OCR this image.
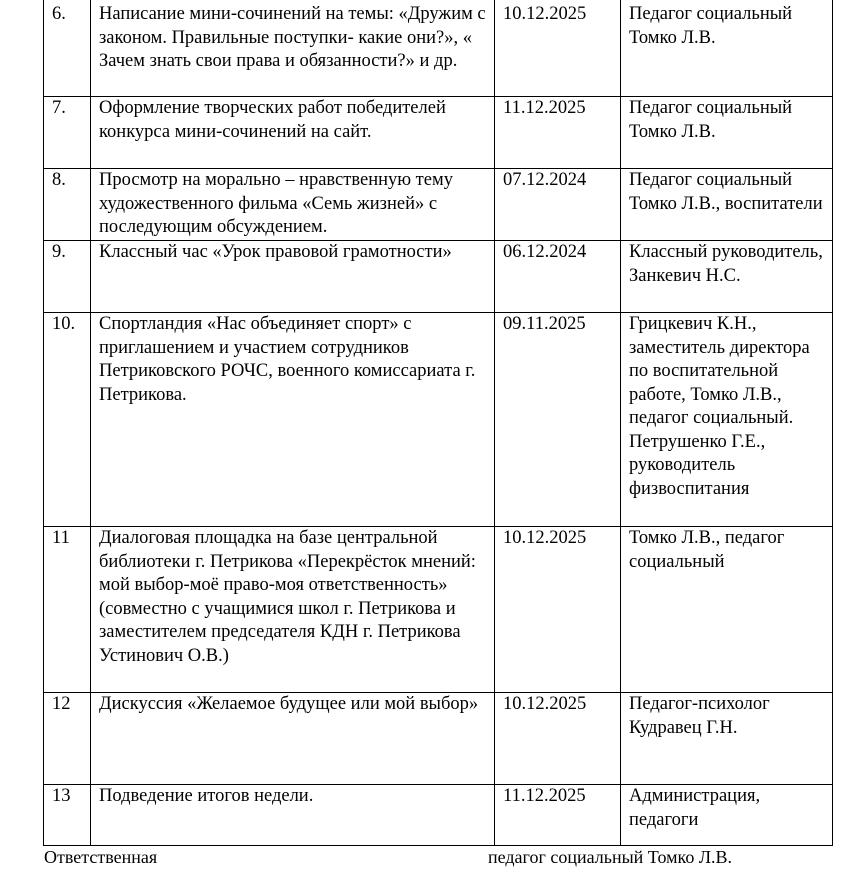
6.	Написание мини-сочинений на темы: «Дружим с законом. Правильные поступки- какие они?», « Зачем знать свои права и обязанности?» и др.	10.12.2025	Педагог социальный Томко Л.В.
7.	Оформление творческих работ победителей конкурса мини-сочинений на сайт.	11.12.2025	Педагог социальный Томко Л.В.
8.	Просмотр на морально – нравственную тему художественного фильма «Семь жизней» с последующим обсуждением.	07.12.2024	Педагог социальный Томко Л.В., воспитатели
9.	Классный час «Урок правовой грамотности»	06.12.2024	Классный руководитель, Занкевич Н.С.
10.	Спортландия «Нас объединяет спорт» с приглашением и участием сотрудников Петриковского РОЧС, военного комиссариата г. Петрикова.	09.11.2025	Грицкевич К.Н., заместитель директора по воспитательной работе, Томко Л.В., педагог социальный. Петрушенко Г.Е., руководитель физвоспитания
11	Диалоговая площадка на базе центральной библиотеки г. Петрикова «Перекрёсток мнений: мой выбор-моё право-моя ответственность» (совместно с учащимися школ г. Петрикова и заместителем председателя КДН г. Петрикова Устинович О.В.)	10.12.2025	Томко Л.В., педагог социальный
12	Дискуссия «Желаемое будущее или мой выбор»	10.12.2025	Педагог-психолог Кудравец Г.Н.
13	Подведение итогов недели.	11.12.2025	Администрация, педагоги
Ответственная	педагог социальный Томко Л.В.
